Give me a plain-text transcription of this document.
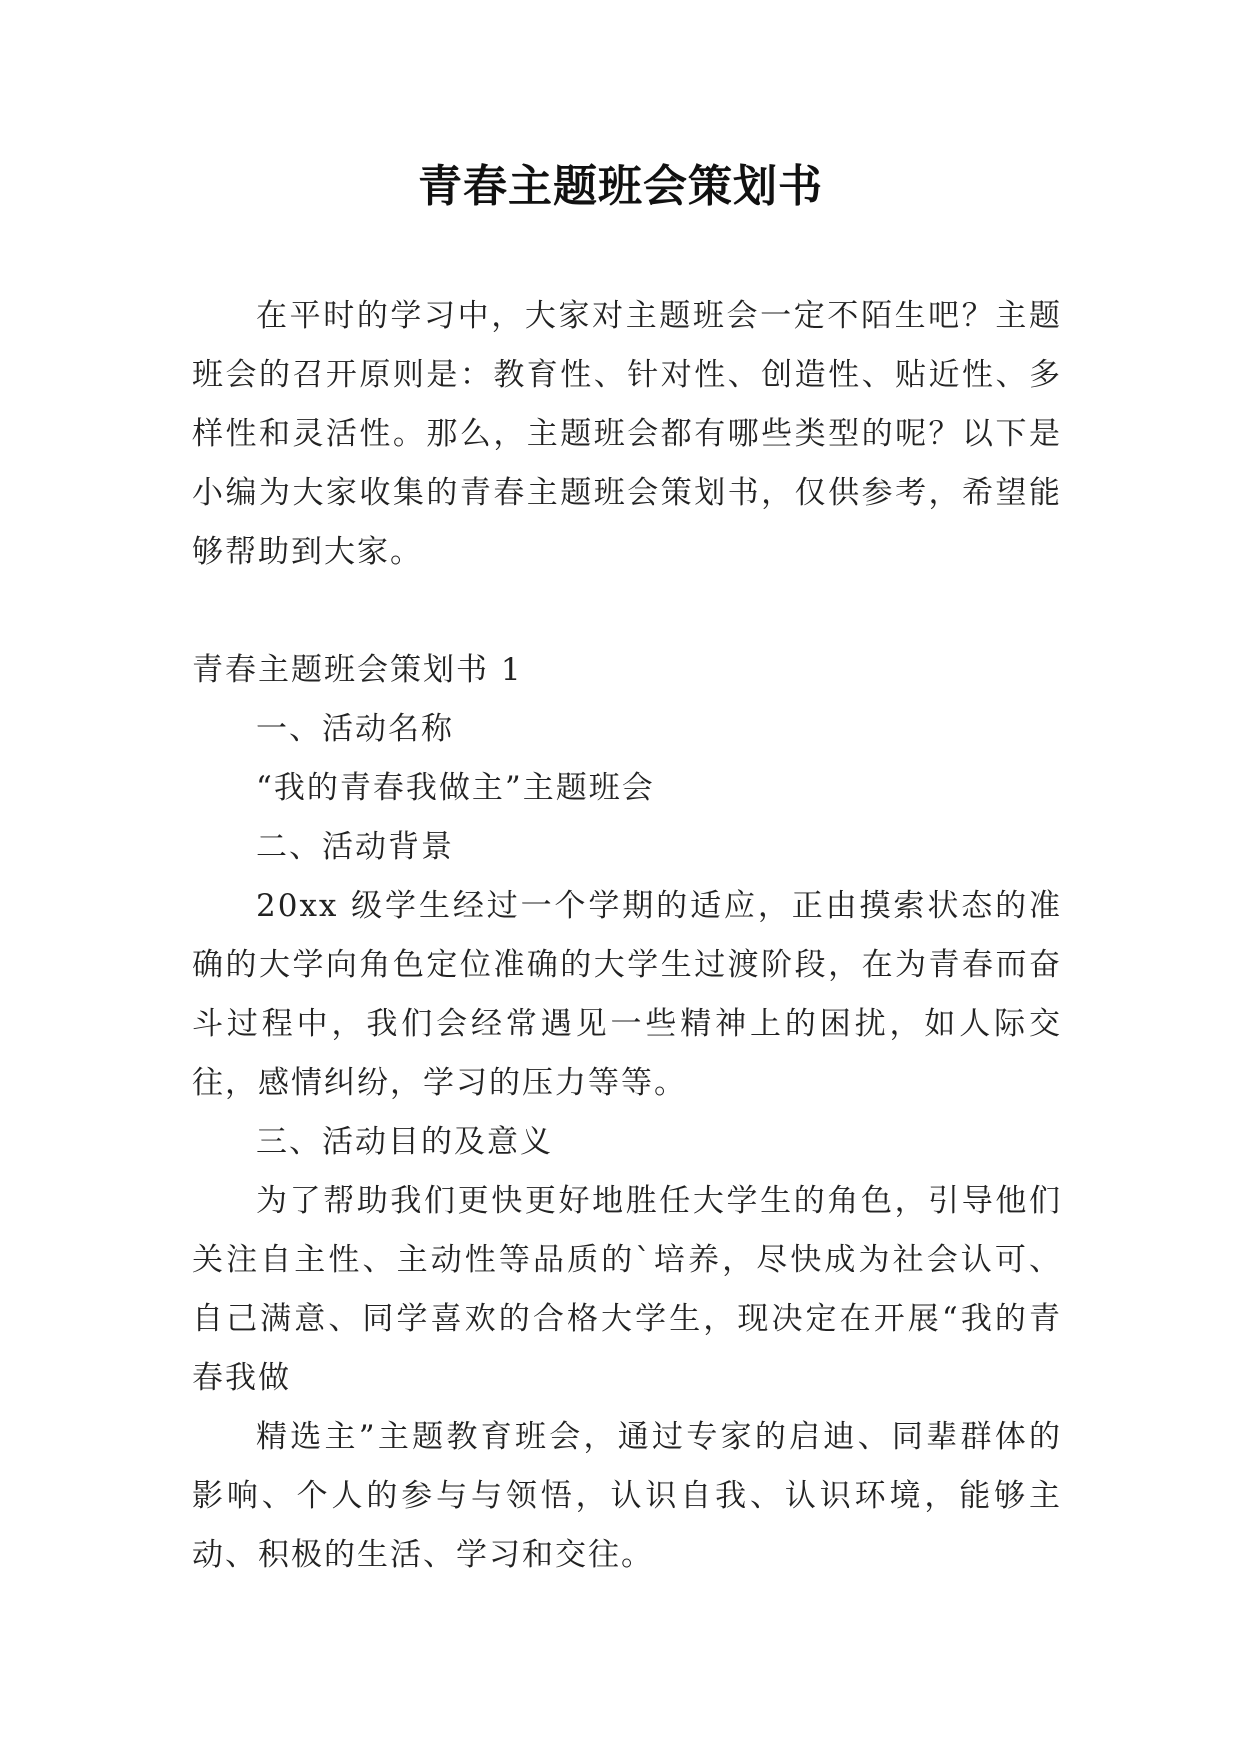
青春主题班会策划书

在平时的学习中，大家对主题班会一定不陌生吧？主题班会的召开原则是：教育性、针对性、创造性、贴近性、多样性和灵活性。那么，主题班会都有哪些类型的呢？以下是小编为大家收集的青春主题班会策划书，仅供参考，希望能够帮助到大家。

青春主题班会策划书 1

一、活动名称

“我的青春我做主”主题班会

二、活动背景

20xx 级学生经过一个学期的适应，正由摸索状态的准确的大学向角色定位准确的大学生过渡阶段，在为青春而奋斗过程中，我们会经常遇见一些精神上的困扰，如人际交往，感情纠纷，学习的压力等等。

三、活动目的及意义

为了帮助我们更快更好地胜任大学生的角色，引导他们关注自主性、主动性等品质的`培养，尽快成为社会认可、自己满意、同学喜欢的合格大学生，现决定在开展“我的青春我做

精选主”主题教育班会，通过专家的启迪、同辈群体的影响、个人的参与与领悟，认识自我、认识环境，能够主动、积极的生活、学习和交往。
